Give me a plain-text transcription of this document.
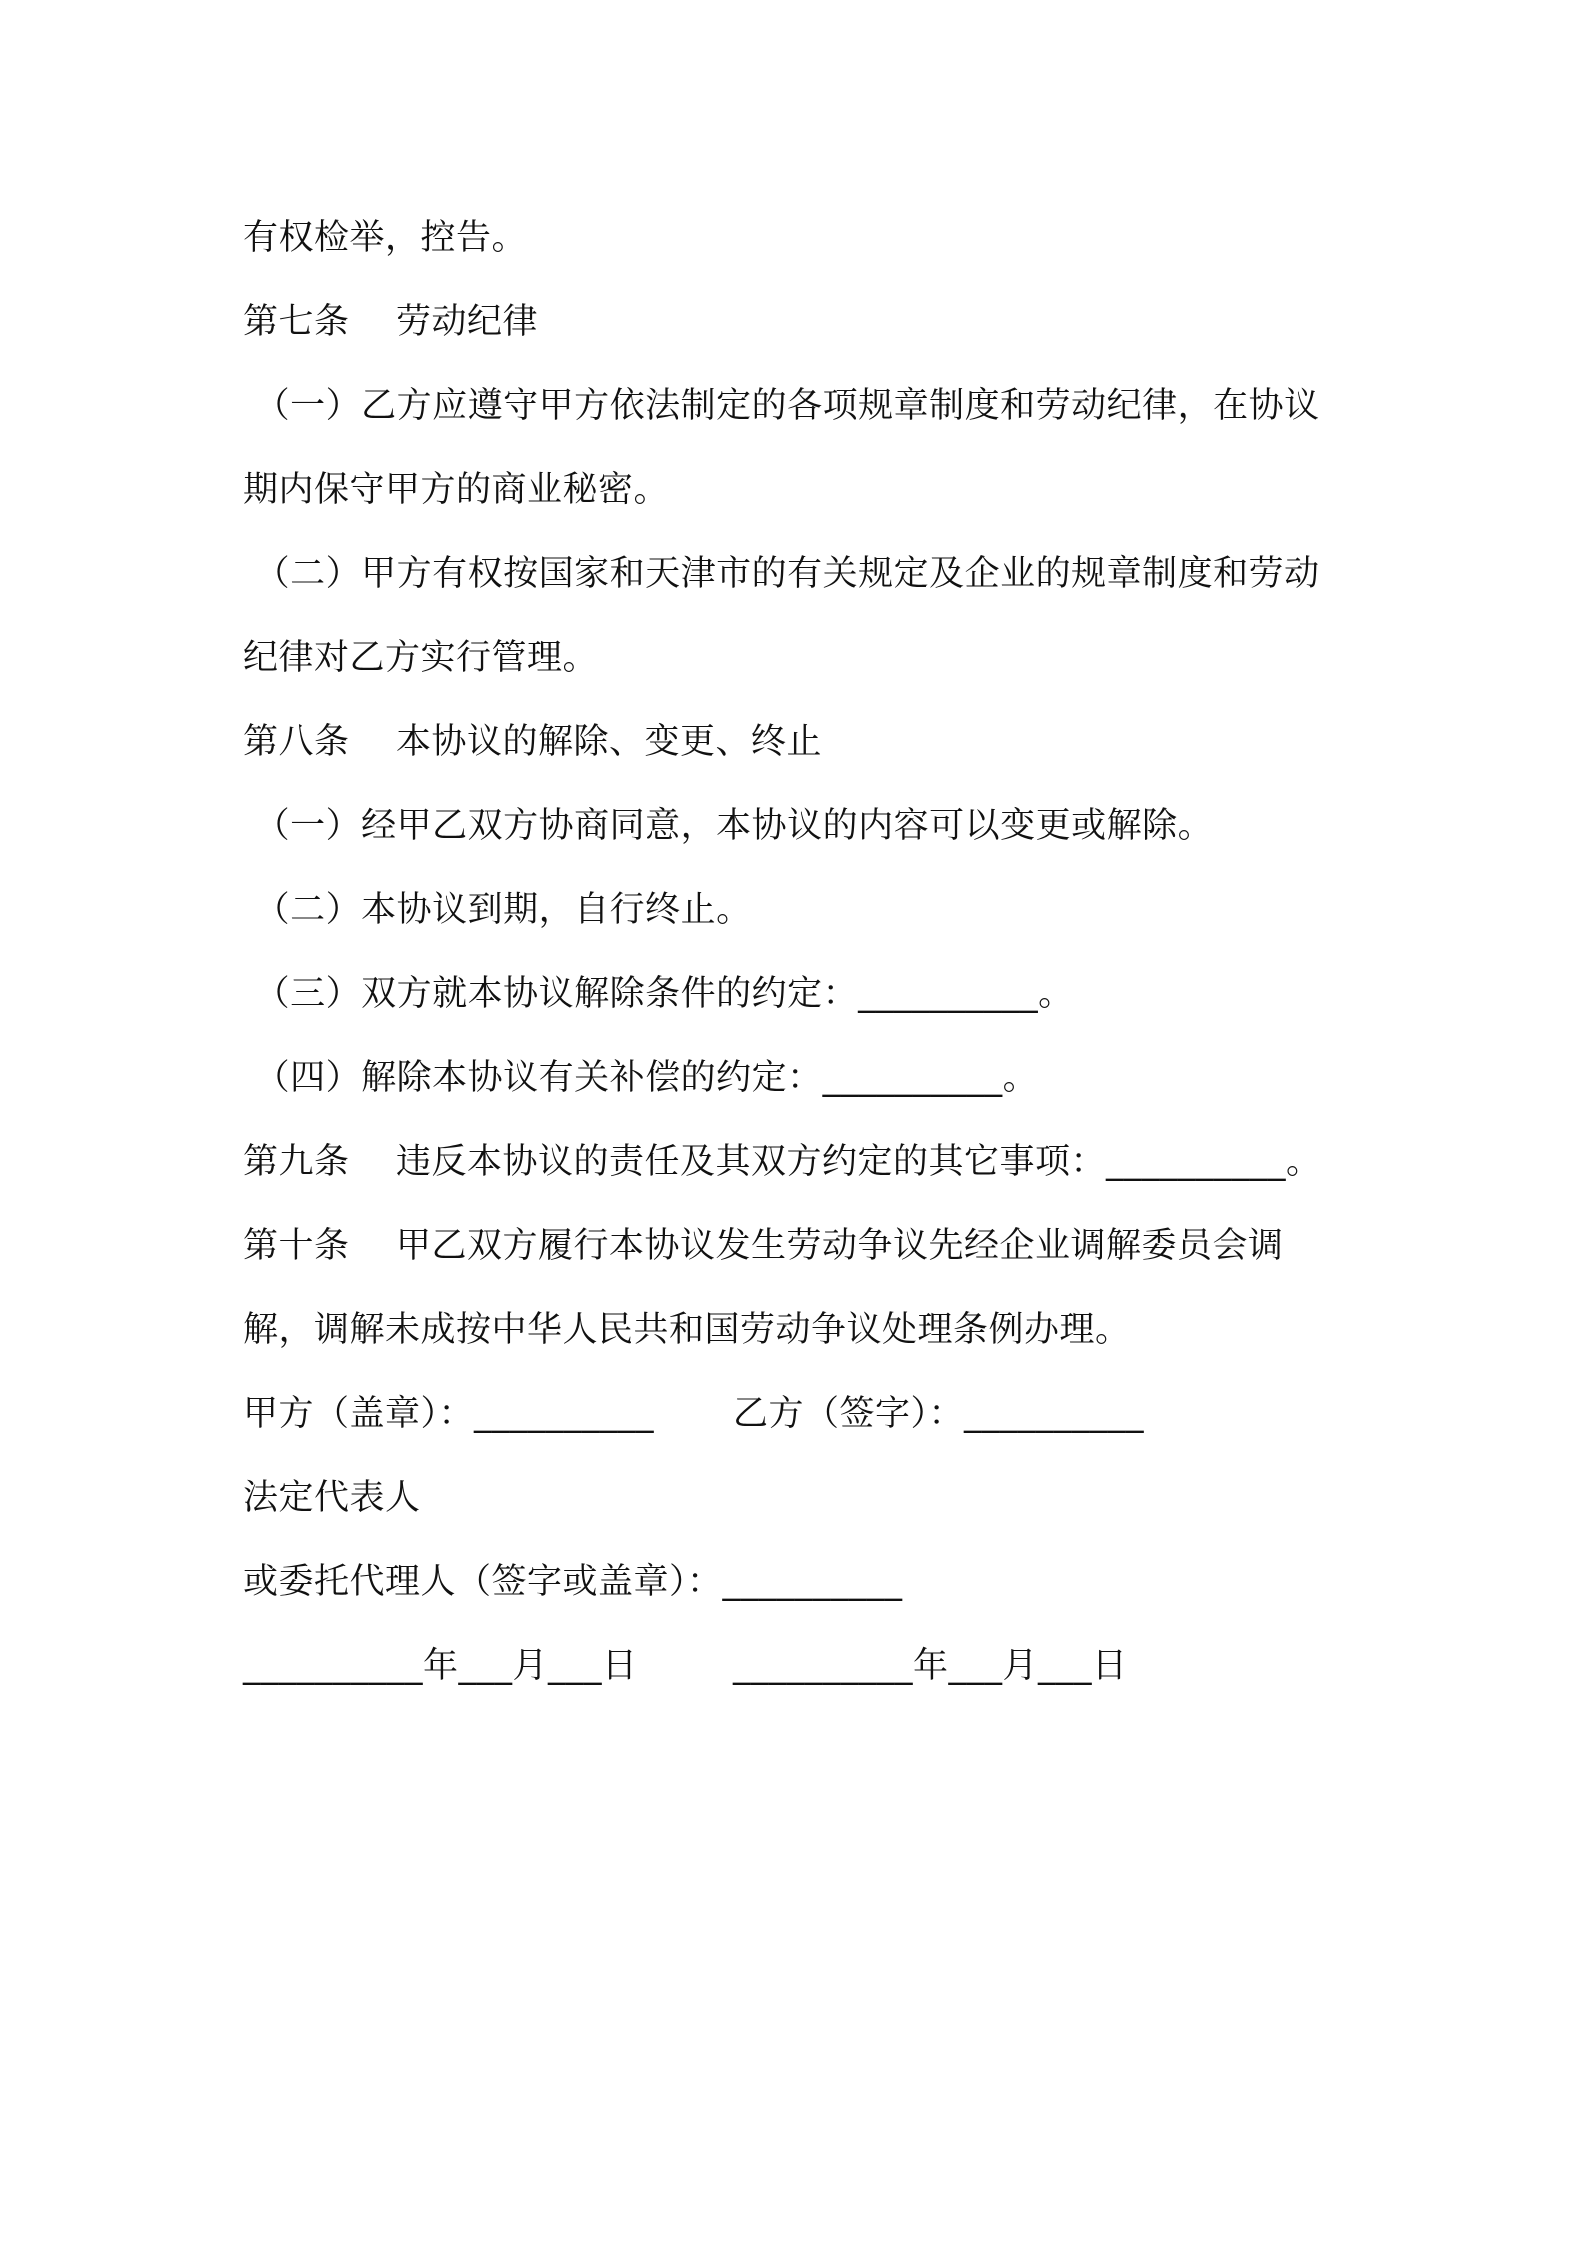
有权检举，控告。
第七条    劳动纪律
（一）乙方应遵守甲方依法制定的各项规章制度和劳动纪律，在协议
期内保守甲方的商业秘密。
（二）甲方有权按国家和天津市的有关规定及企业的规章制度和劳动
纪律对乙方实行管理。
第八条    本协议的解除、变更、终止
（一）经甲乙双方协商同意，本协议的内容可以变更或解除。
（二）本协议到期，自行终止。
（三）双方就本协议解除条件的约定：__________。
（四）解除本协议有关补偿的约定：__________。
第九条    违反本协议的责任及其双方约定的其它事项：__________。
第十条    甲乙双方履行本协议发生劳动争议先经企业调解委员会调
解，调解未成按中华人民共和国劳动争议处理条例办理。
甲方（盖章）：__________	乙方（签字）：__________
法定代表人
或委托代理人（签字或盖章）：__________
__________年___月___日	__________年___月___日
